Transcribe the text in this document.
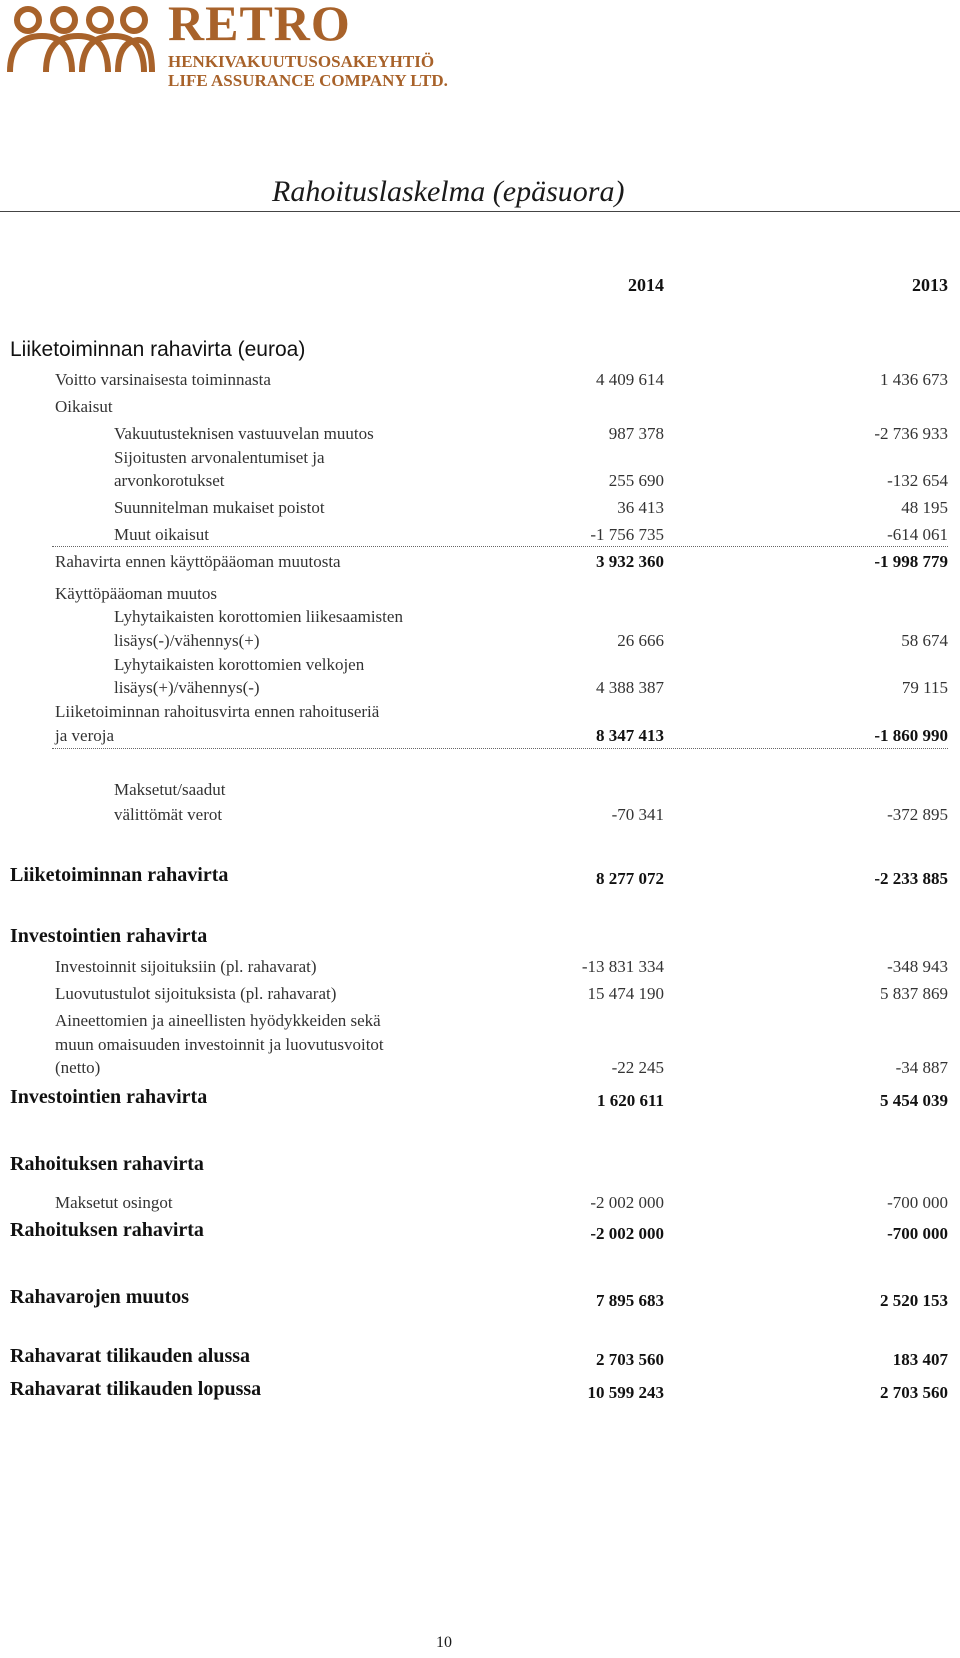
RETRO
HENKIVAKUUTUSOSAKEYHTIÖ
LIFE ASSURANCE COMPANY LTD.
Rahoituslaskelma (epäsuora)
2014	2013
Liiketoiminnan rahavirta (euroa)
Voitto varsinaisesta toiminnasta	4 409 614	1 436 673
Oikaisut
Vakuutusteknisen vastuuvelan muutos	987 378	-2 736 933
Sijoitusten arvonalentumiset ja
arvonkorotukset	255 690	-132 654
Suunnitelman mukaiset poistot	36 413	48 195
Muut oikaisut	-1 756 735	-614 061
Rahavirta ennen käyttöpääoman muutosta	3 932 360	-1 998 779
Käyttöpääoman muutos
Lyhytaikaisten korottomien liikesaamisten
lisäys(-)/vähennys(+)	26 666	58 674
Lyhytaikaisten korottomien velkojen
lisäys(+)/vähennys(-)	4 388 387	79 115
Liiketoiminnan rahoitusvirta ennen rahoituseriä
ja veroja	8 347 413	-1 860 990
Maksetut/saadut
välittömät verot	-70 341	-372 895
Liiketoiminnan rahavirta	8 277 072	-2 233 885
Investointien rahavirta
Investoinnit sijoituksiin (pl. rahavarat)	-13 831 334	-348 943
Luovutustulot sijoituksista (pl. rahavarat)	15 474 190	5 837 869
Aineettomien ja aineellisten hyödykkeiden sekä
muun omaisuuden investoinnit ja luovutusvoitot
(netto)	-22 245	-34 887
Investointien rahavirta	1 620 611	5 454 039
Rahoituksen rahavirta
Maksetut osingot	-2 002 000	-700 000
Rahoituksen rahavirta	-2 002 000	-700 000
Rahavarojen muutos	7 895 683	2 520 153
Rahavarat tilikauden alussa	2 703 560	183 407
Rahavarat tilikauden lopussa	10 599 243	2 703 560
10
